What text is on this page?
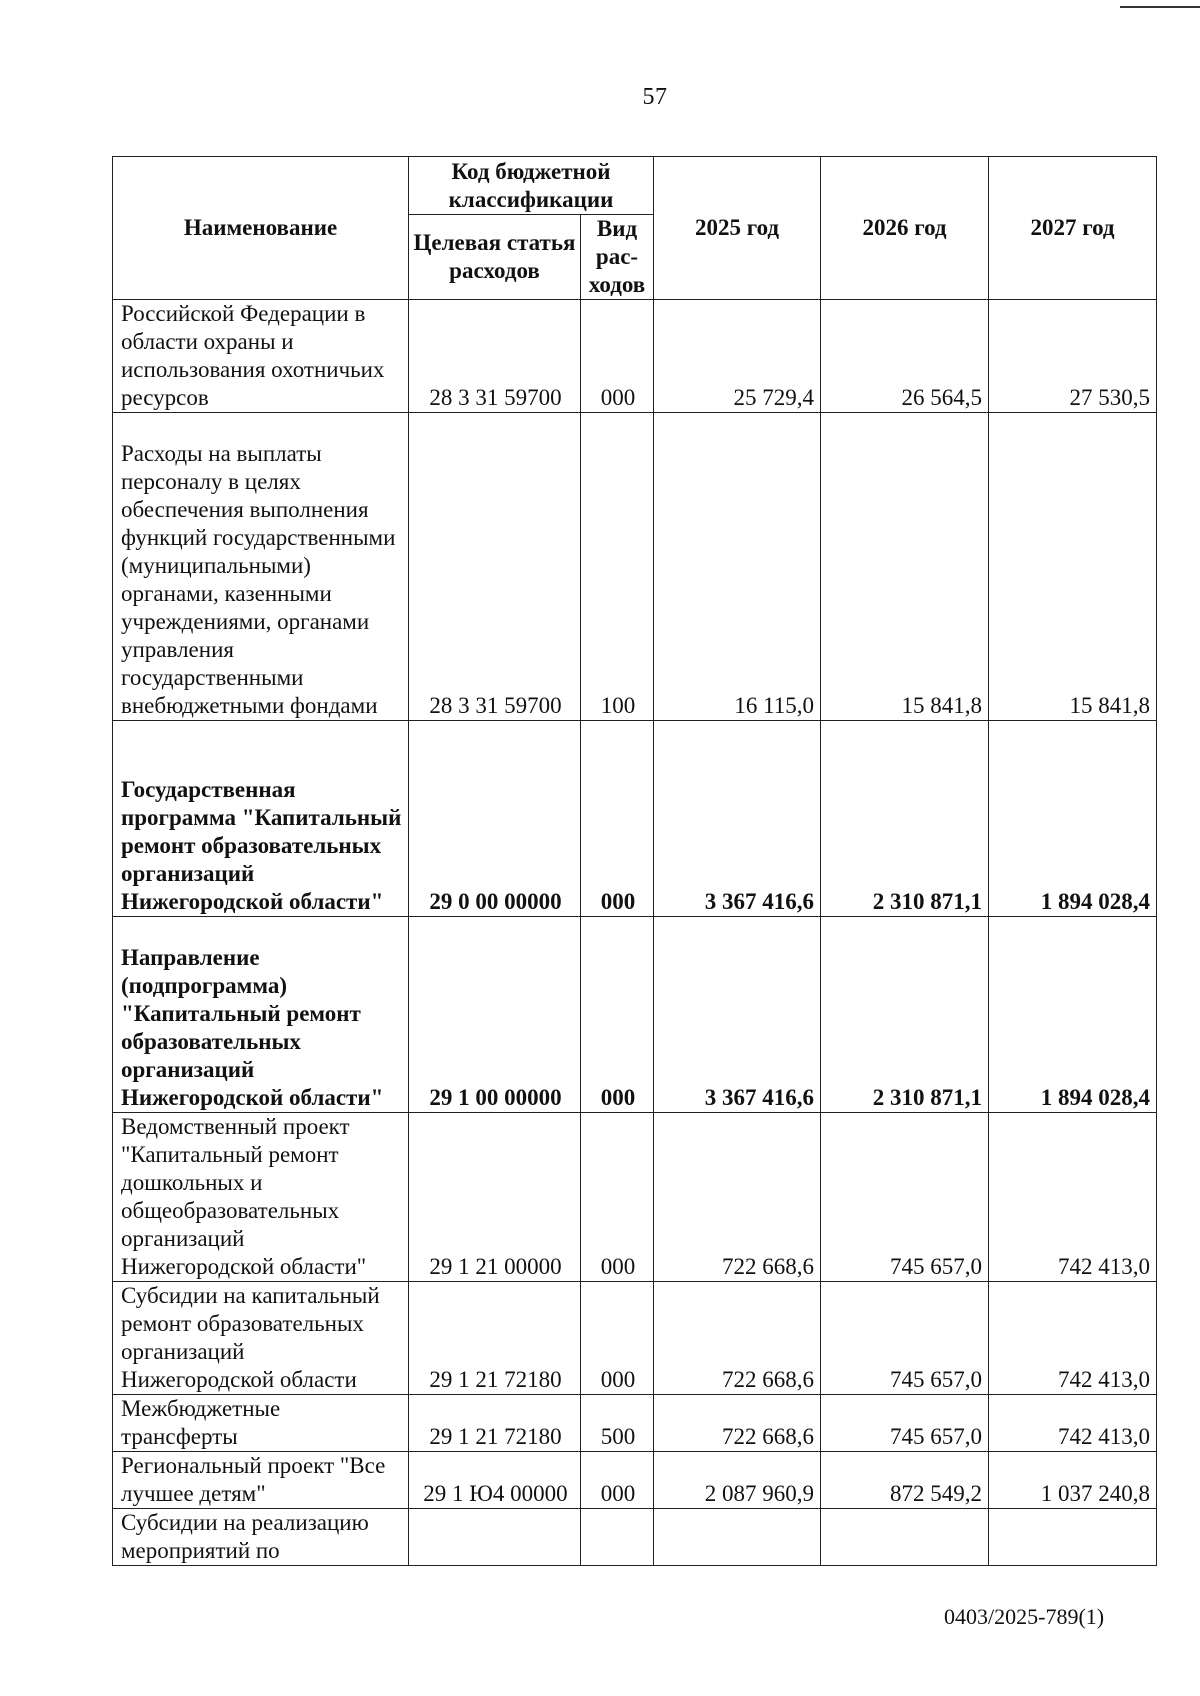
57
Наименование	Код бюджетной классификации		2025 год	2026 год	2027 год
	Целевая статья расходов	Вид рас-ходов			
Российской Федерации в области охраны и использования охотничьих ресурсов	28 3 31 59700	000	25 729,4	26 564,5	27 530,5
Расходы на выплаты персоналу в целях обеспечения выполнения функций государственными (муниципальными) органами, казенными учреждениями, органами управления государственными внебюджетными фондами	28 3 31 59700	100	16 115,0	15 841,8	15 841,8
Государственная программа "Капитальный ремонт образовательных организаций Нижегородской области"	29 0 00 00000	000	3 367 416,6	2 310 871,1	1 894 028,4
Направление (подпрограмма) "Капитальный ремонт образовательных организаций Нижегородской области"	29 1 00 00000	000	3 367 416,6	2 310 871,1	1 894 028,4
Ведомственный проект "Капитальный ремонт дошкольных и общеобразовательных организаций Нижегородской области"	29 1 21 00000	000	722 668,6	745 657,0	742 413,0
Субсидии на капитальный ремонт образовательных организаций Нижегородской области	29 1 21 72180	000	722 668,6	745 657,0	742 413,0
Межбюджетные трансферты	29 1 21 72180	500	722 668,6	745 657,0	742 413,0
Региональный проект "Все лучшее детям"	29 1 Ю4 00000	000	2 087 960,9	872 549,2	1 037 240,8
Субсидии на реализацию мероприятий по					
0403/2025-789(1)
